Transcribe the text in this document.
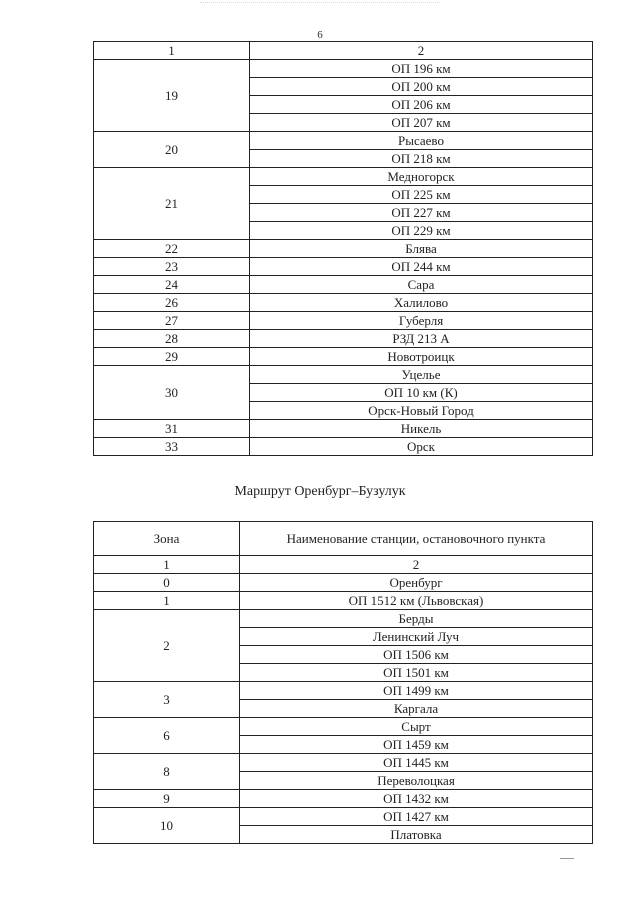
6
1	2
19	ОП 196 км
	ОП 200 км
	ОП 206 км
	ОП 207 км
20	Рысаево
	ОП 218 км
21	Медногорск
	ОП 225 км
	ОП 227 км
	ОП 229 км
22	Блява
23	ОП 244 км
24	Сара
26	Халилово
27	Губерля
28	РЗД 213 А
29	Новотроицк
30	Уцелье
	ОП 10 км (К)
	Орск-Новый Город
31	Никель
33	Орск
Маршрут Оренбург–Бузулук
Зона	Наименование станции, остановочного пункта
1	2
0	Оренбург
1	ОП 1512 км (Львовская)
2	Берды
	Ленинский Луч
	ОП 1506 км
	ОП 1501 км
3	ОП 1499 км
	Каргала
6	Сырт
	ОП 1459 км
8	ОП 1445 км
	Переволоцкая
9	ОП 1432 км
10	ОП 1427 км
	Платовка
